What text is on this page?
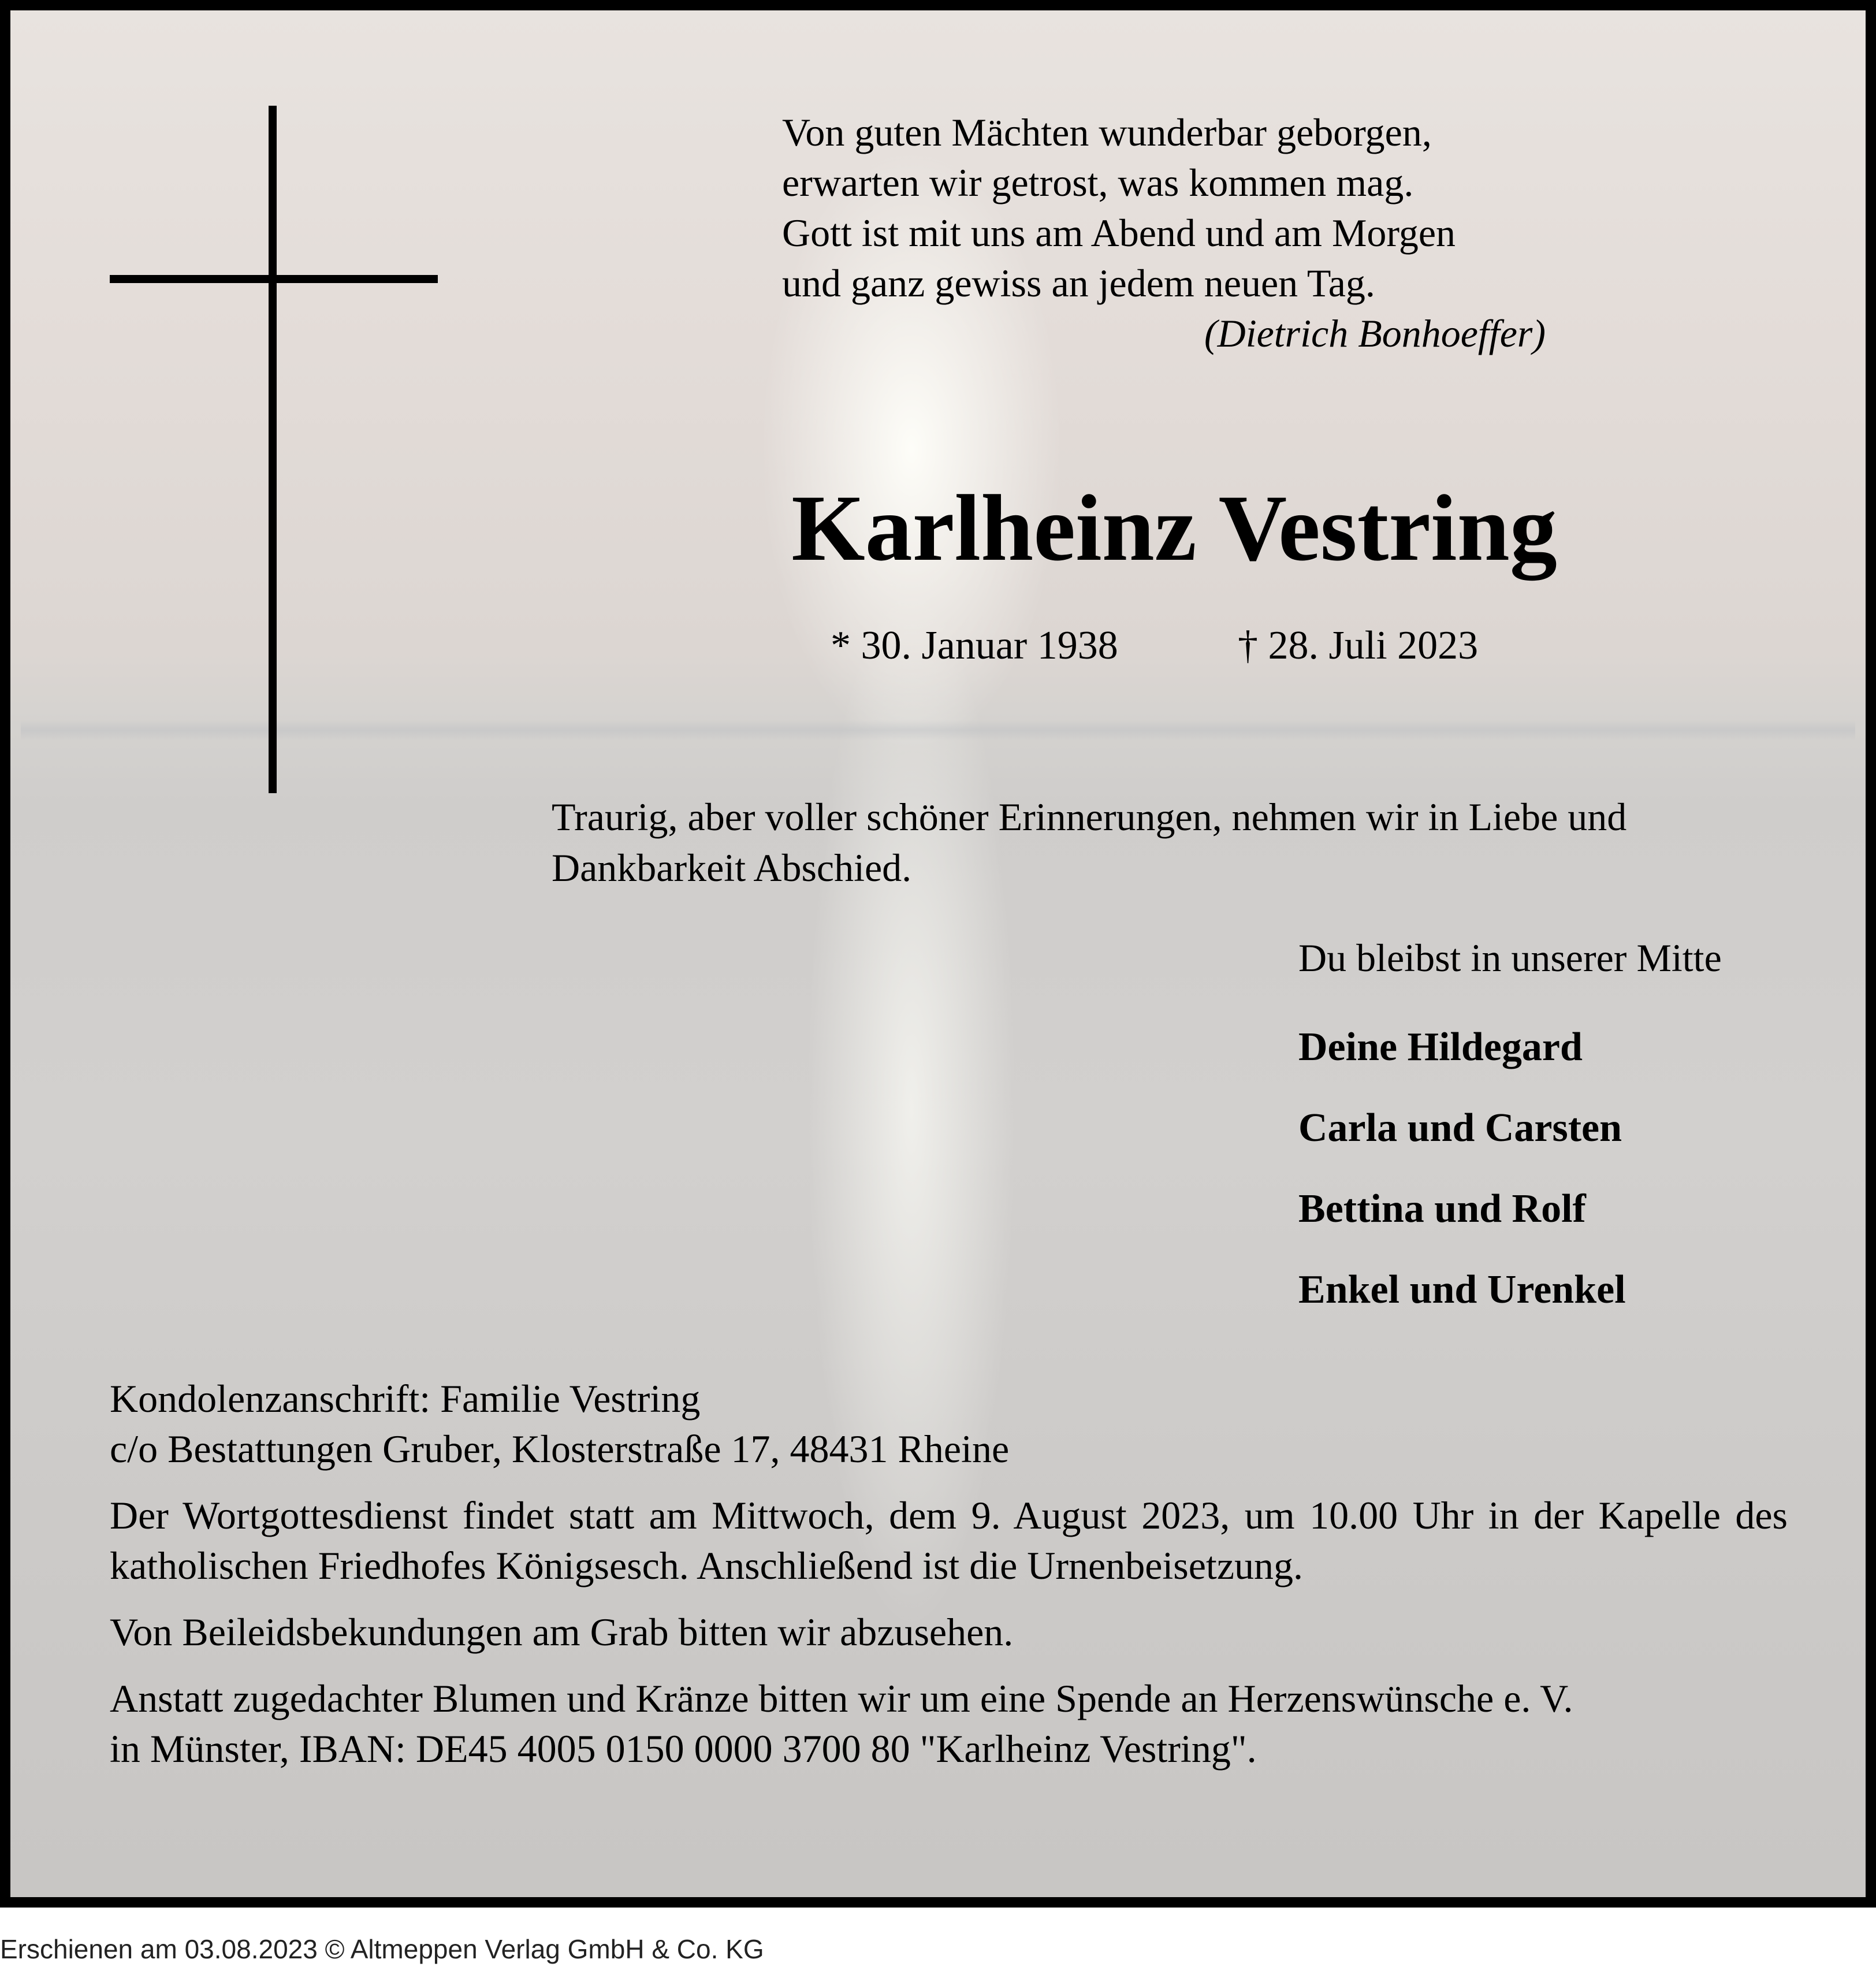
Von guten Mächten wunderbar geborgen,
erwarten wir getrost, was kommen mag.
Gott ist mit uns am Abend und am Morgen
und ganz gewiss an jedem neuen Tag.
(Dietrich Bonhoeffer)
Karlheinz Vestring
* 30. Januar 1938	† 28. Juli 2023
Traurig, aber voller schöner Erinnerungen, nehmen wir in Liebe und
Dankbarkeit Abschied.
Du bleibst in unserer Mitte
Deine Hildegard
Carla und Carsten
Bettina und Rolf
Enkel und Urenkel

Kondolenzanschrift: Familie Vestring
c/o Bestattungen Gruber, Klosterstraße 17, 48431 Rheine

Der Wortgottesdienst findet statt am Mittwoch, dem 9. August 2023, um 10.00 Uhr in der Kapelle des katholischen Friedhofes Königsesch. Anschließend ist die Urnenbeisetzung.

Von Beileidsbekundungen am Grab bitten wir abzusehen.

Anstatt zugedachter Blumen und Kränze bitten wir um eine Spende an Herzenswünsche e. V.
in Münster, IBAN: DE45 4005 0150 0000 3700 80 "Karlheinz Vestring".

Erschienen am 03.08.2023 © Altmeppen Verlag GmbH & Co. KG
